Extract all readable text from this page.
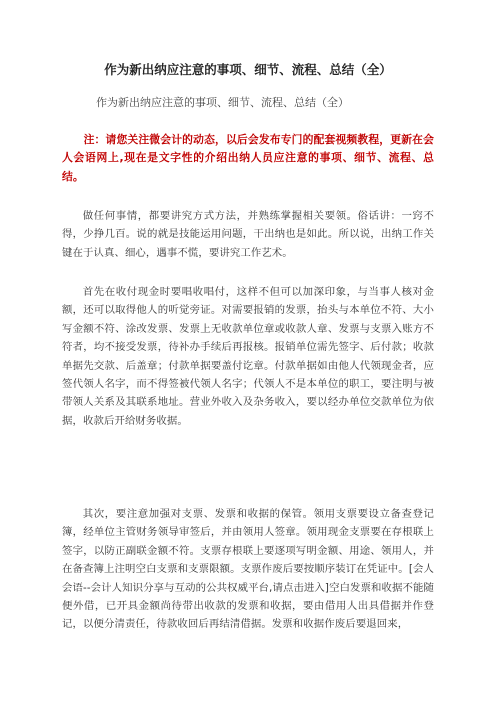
作为新出纳应注意的事项、细节、流程、总结（全）
作为新出纳应注意的事项、细节、流程、总结（全）

注：请您关注微会计的动态，以后会发布专门的配套视频教程，更新在会人会语网上,现在是文字性的介绍出纳人员应注意的事项、细节、流程、总结。

做任何事情，都要讲究方式方法，并熟练掌握相关要领。俗话讲：一窍不得，少挣几百。说的就是技能运用问题，干出纳也是如此。所以说，出纳工作关键在于认真、细心，遇事不慌，要讲究工作艺术。

首先在收付现金时要唱收唱付，这样不但可以加深印象，与当事人核对金额，还可以取得他人的听觉旁证。对需要报销的发票，抬头与本单位不符、大小写金额不符、涂改发票、发票上无收款单位章或收款人章、发票与支票入账方不符者，均不接受发票，待补办手续后再报核。报销单位需先签字、后付款；收款单据先交款、后盖章；付款单据要盖付讫章。付款单据如由他人代领现金者，应签代领人名字，而不得签被代领人名字；代领人不是本单位的职工，要注明与被带领人关系及其联系地址。营业外收入及杂务收入，要以经办单位交款单位为依据，收款后开给财务收据。

其次，要注意加强对支票、发票和收据的保管。领用支票要设立备查登记簿，经单位主管财务领导审签后，并由领用人签章。领用现金支票要在存根联上签字，以防正副联金额不符。支票存根联上要逐项写明金额、用途、领用人，并在备查簿上注明空白支票和支票限额。支票作废后要按顺序装订在凭证中。[会人会语--会计人知识分享与互动的公共权威平台,请点击进入]空白发票和收据不能随便外借，已开具金额尚待带出收款的发票和收据，要由借用人出具借据并作登记，以便分清责任，待款收回后再结清借据。发票和收据作废后要退回来，
